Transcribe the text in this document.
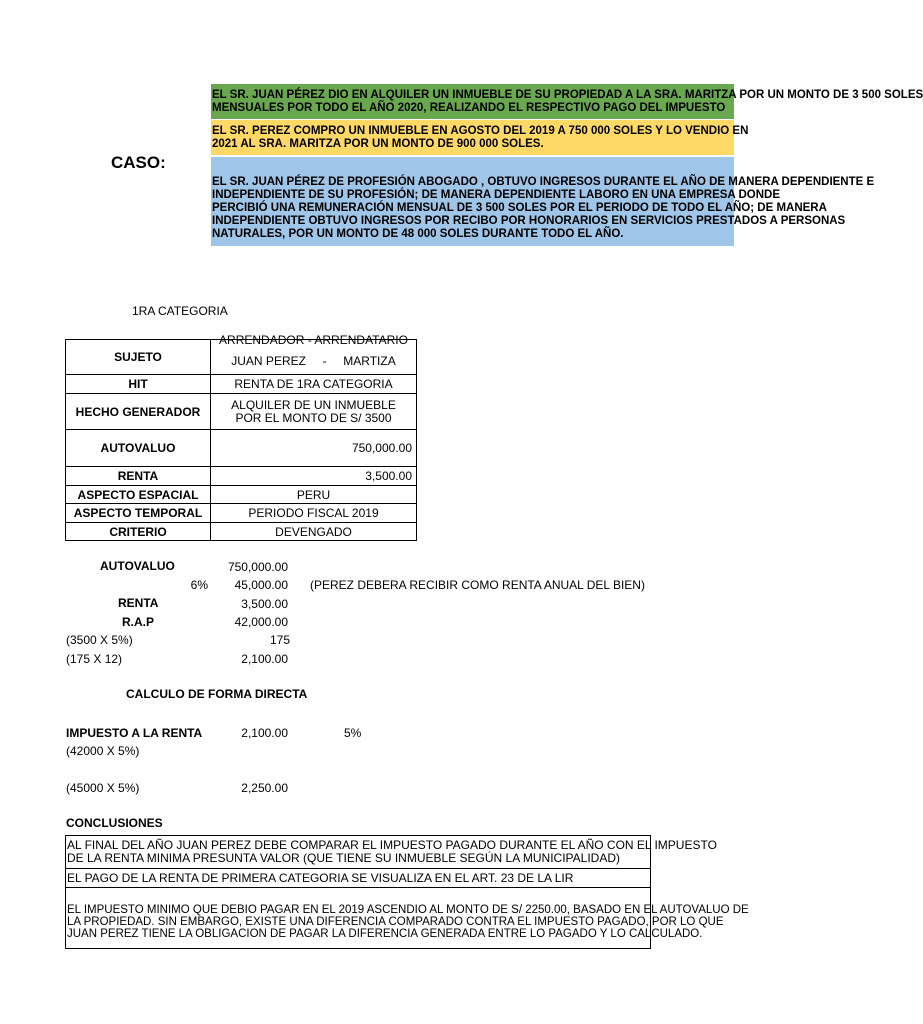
CASO:
EL SR. JUAN PÉREZ DIO EN ALQUILER UN INMUEBLE DE SU PROPIEDAD A LA SRA. MARITZA POR UN MONTO DE 3 500 SOLES
MENSUALES POR TODO EL AÑO 2020, REALIZANDO EL RESPECTIVO PAGO DEL IMPUESTO
EL SR. PEREZ COMPRO UN INMUEBLE EN AGOSTO DEL 2019 A 750 000 SOLES Y LO VENDIO EN
2021 AL SRA. MARITZA POR UN MONTO DE 900 000 SOLES.
EL SR. JUAN PÉREZ DE PROFESIÓN ABOGADO , OBTUVO INGRESOS DURANTE EL AÑO DE MANERA DEPENDIENTE E
INDEPENDIENTE DE SU PROFESIÓN; DE MANERA DEPENDIENTE LABORO EN UNA EMPRESA DONDE
PERCIBIÓ UNA REMUNERACIÓN MENSUAL DE 3 500 SOLES POR EL PERIODO DE TODO EL AÑO; DE MANERA
INDEPENDIENTE OBTUVO INGRESOS POR RECIBO POR HONORARIOS EN SERVICIOS PRESTADOS A PERSONAS
NATURALES, POR UN MONTO DE 48 000 SOLES DURANTE TODO EL AÑO.
1RA CATEGORIA
SUJETO	ARRENDADOR - ARRENDATARIO
JUAN PEREZ     -     MARTIZA
HIT	RENTA DE 1RA CATEGORIA
HECHO GENERADOR	ALQUILER DE UN INMUEBLE POR EL MONTO DE S/ 3500
AUTOVALUO	750,000.00
RENTA	3,500.00
ASPECTO ESPACIAL	PERU
ASPECTO TEMPORAL	PERIODO FISCAL 2019
CRITERIO	DEVENGADO
AUTOVALUO	750,000.00
6%	45,000.00 (PEREZ DEBERA RECIBIR COMO RENTA ANUAL DEL BIEN)
RENTA	3,500.00
R.A.P	42,000.00
(3500 X 5%)	175
(175 X 12)	2,100.00
CALCULO DE FORMA DIRECTA
IMPUESTO A LA RENTA	2,100.00	5%
(42000 X 5%)
(45000 X 5%)	2,250.00
CONCLUSIONES
AL FINAL DEL AÑO JUAN PEREZ DEBE COMPARAR EL IMPUESTO PAGADO DURANTE EL AÑO CON EL IMPUESTO
DE LA RENTA MINIMA PRESUNTA VALOR (QUE TIENE SU INMUEBLE SEGÚN LA MUNICIPALIDAD)
EL PAGO DE LA RENTA DE PRIMERA CATEGORIA SE VISUALIZA EN EL ART. 23 DE LA LIR
EL IMPUESTO MINIMO QUE DEBIO PAGAR EN EL 2019 ASCENDIO AL MONTO DE S/ 2250.00, BASADO EN EL AUTOVALUO DE
LA PROPIEDAD. SIN EMBARGO, EXISTE UNA DIFERENCIA COMPARADO CONTRA EL IMPUESTO PAGADO, POR LO QUE
JUAN PEREZ TIENE LA OBLIGACION DE PAGAR LA DIFERENCIA GENERADA ENTRE LO PAGADO Y LO CALCULADO.
